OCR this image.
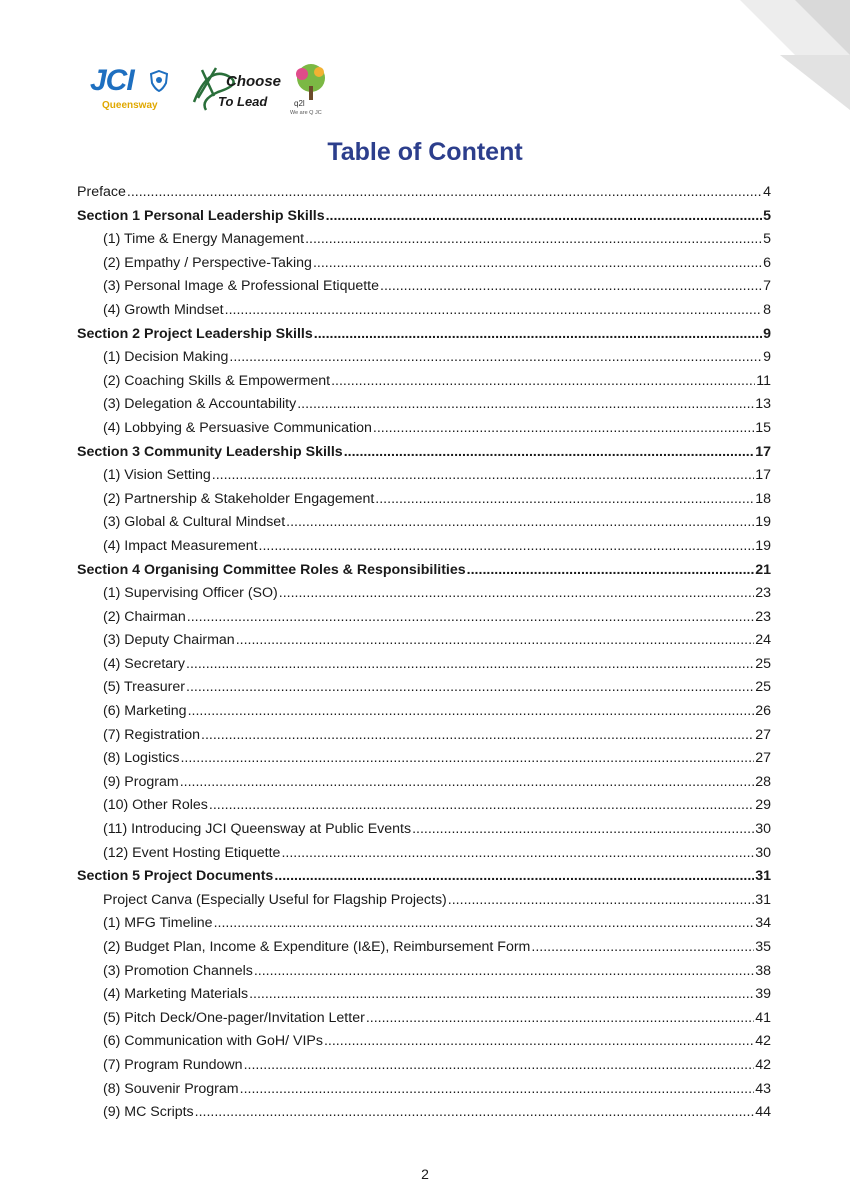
JCI
Queensway
Choose
To Lead	q2l
We are Q JC
Table of Content
Preface .....	4
Section 1 Personal Leadership Skills .....	5
(1) Time & Energy Management .....	5
(2) Empathy / Perspective-Taking .....	6
(3) Personal Image & Professional Etiquette .....	7
(4) Growth Mindset .....	8
Section 2 Project Leadership Skills .....	9
(1) Decision Making .....	9
(2) Coaching Skills & Empowerment .....	11
(3) Delegation & Accountability .....	13
(4) Lobbying & Persuasive Communication .....	15
Section 3 Community Leadership Skills .....	17
(1) Vision Setting .....	17
(2) Partnership & Stakeholder Engagement .....	18
(3) Global & Cultural Mindset .....	19
(4) Impact Measurement .....	19
Section 4 Organising Committee Roles & Responsibilities .....	21
(1) Supervising Officer (SO) .....	23
(2) Chairman .....	23
(3) Deputy Chairman .....	24
(4) Secretary .....	25
(5) Treasurer .....	25
(6) Marketing .....	26
(7) Registration .....	27
(8) Logistics .....	27
(9) Program .....	28
(10) Other Roles .....	29
(11) Introducing JCI Queensway at Public Events .....	30
(12) Event Hosting Etiquette .....	30
Section 5 Project Documents .....	31
Project Canva (Especially Useful for Flagship Projects) .....	31
(1) MFG Timeline .....	34
(2) Budget Plan, Income & Expenditure (I&E), Reimbursement Form .....	35
(3) Promotion Channels .....	38
(4) Marketing Materials .....	39
(5) Pitch Deck/One-pager/Invitation Letter .....	41
(6) Communication with GoH/ VIPs .....	42
(7) Program Rundown .....	42
(8) Souvenir Program .....	43
(9) MC Scripts .....	44
2
